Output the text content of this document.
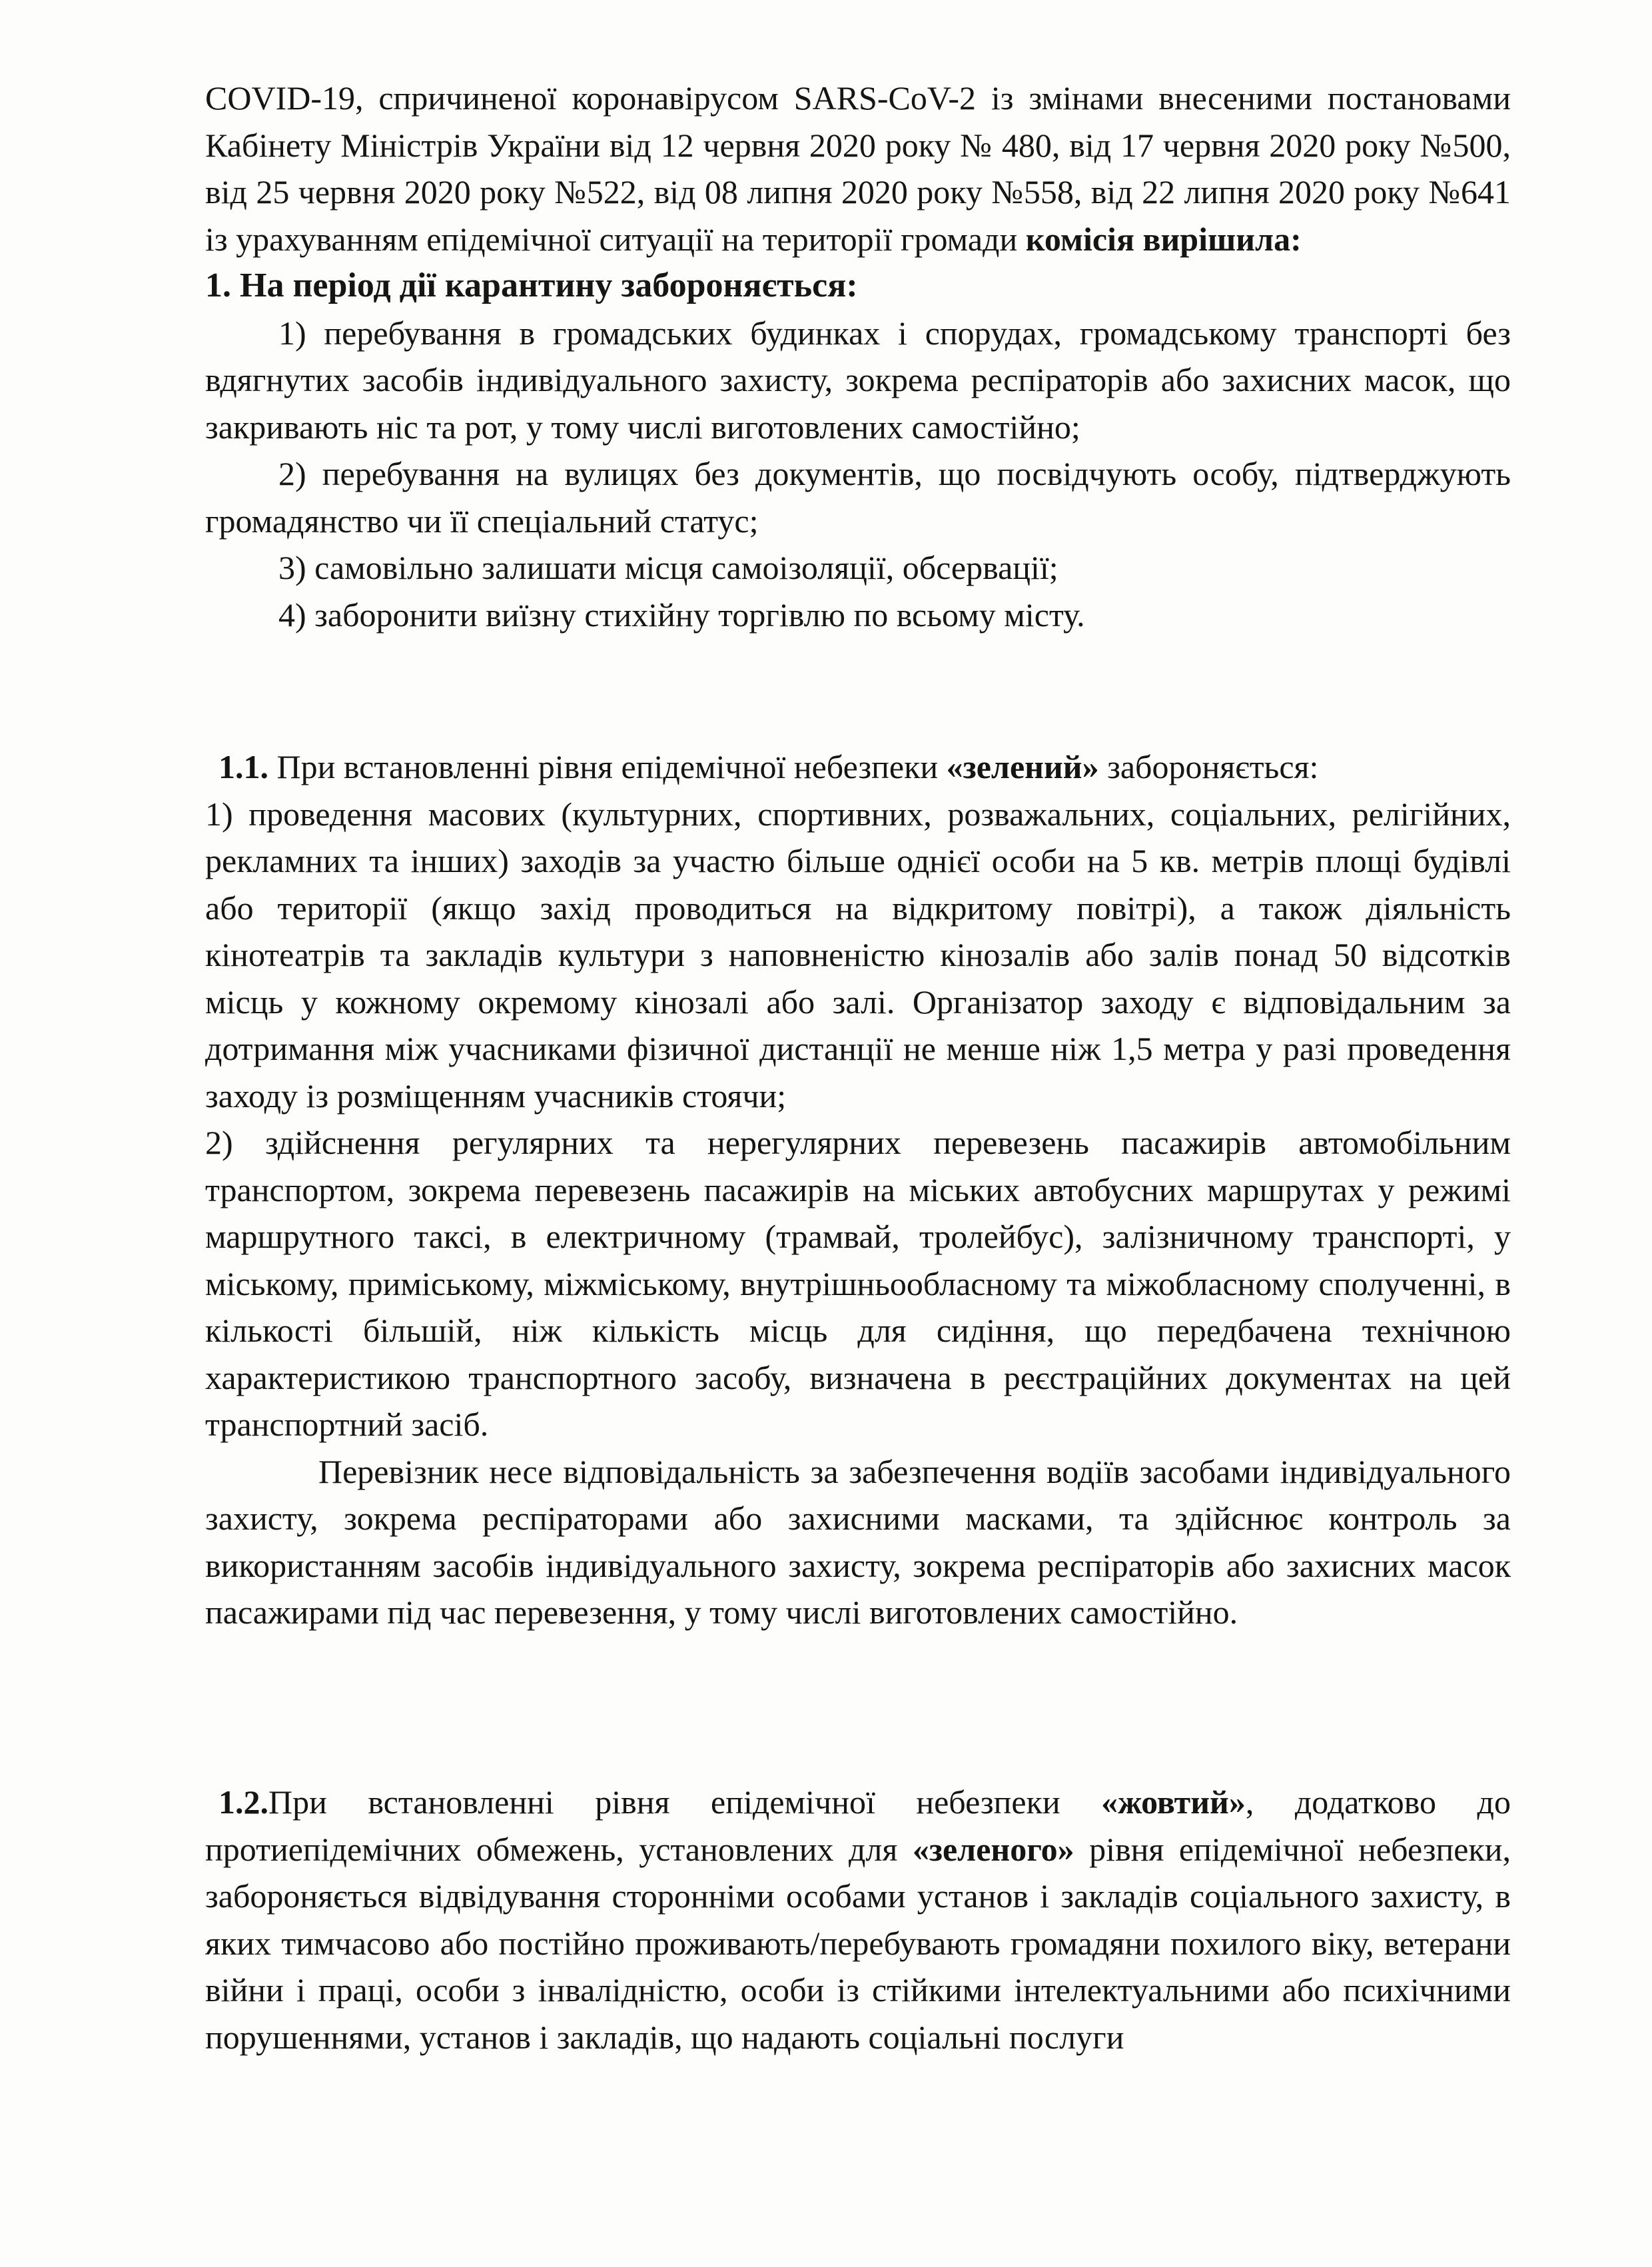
COVID-19, спричиненої коронавірусом SARS-CoV-2 із змінами внесеними постановами Кабінету Міністрів України від 12 червня 2020 року № 480, від 17 червня 2020 року №500, від 25 червня 2020 року №522, від 08 липня 2020 року №558, від 22 липня 2020 року №641 із урахуванням епідемічної ситуації на території громади комісія вирішила:

1. На період дії карантину забороняється:

1) перебування в громадських будинках і спорудах, громадському транспорті без вдягнутих засобів індивідуального захисту, зокрема респіраторів або захисних масок, що закривають ніс та рот, у тому числі виготовлених самостійно;

2) перебування на вулицях без документів, що посвідчують особу, підтверджують громадянство чи її спеціальний статус;

3) самовільно залишати місця самоізоляції, обсервації;

4) заборонити виїзну стихійну торгівлю по всьому місту.

1.1. При встановленні рівня епідемічної небезпеки «зелений» забороняється:

1) проведення масових (культурних, спортивних, розважальних, соціальних, релігійних, рекламних та інших) заходів за участю більше однієї особи на 5 кв. метрів площі будівлі або території (якщо захід проводиться на відкритому повітрі), а також діяльність кінотеатрів та закладів культури з наповненістю кінозалів або залів понад 50 відсотків місць у кожному окремому кінозалі або залі. Організатор заходу є відповідальним за дотримання між учасниками фізичної дистанції не менше ніж 1,5 метра у разі проведення заходу із розміщенням учасників стоячи;

2) здійснення регулярних та нерегулярних перевезень пасажирів автомобільним транспортом, зокрема перевезень пасажирів на міських автобусних маршрутах у режимі маршрутного таксі, в електричному (трамвай, тролейбус), залізничному транспорті, у міському, приміському, міжміському, внутрішньообласному та міжобласному сполученні, в кількості більшій, ніж кількість місць для сидіння, що передбачена технічною характеристикою транспортного засобу, визначена в реєстраційних документах на цей транспортний засіб.

Перевізник несе відповідальність за забезпечення водіїв засобами індивідуального захисту, зокрема респіраторами або захисними масками, та здійснює контроль за використанням засобів індивідуального захисту, зокрема респіраторів або захисних масок пасажирами під час перевезення, у тому числі виготовлених самостійно.

1.2.При встановленні рівня епідемічної небезпеки «жовтий», додатково до протиепідемічних обмежень, установлених для «зеленого» рівня епідемічної небезпеки, забороняється відвідування сторонніми особами установ і закладів соціального захисту, в яких тимчасово або постійно проживають/перебувають громадяни похилого віку, ветерани війни і праці, особи з інвалідністю, особи із стійкими інтелектуальними або психічними порушеннями, установ і закладів, що надають соціальні послуги
